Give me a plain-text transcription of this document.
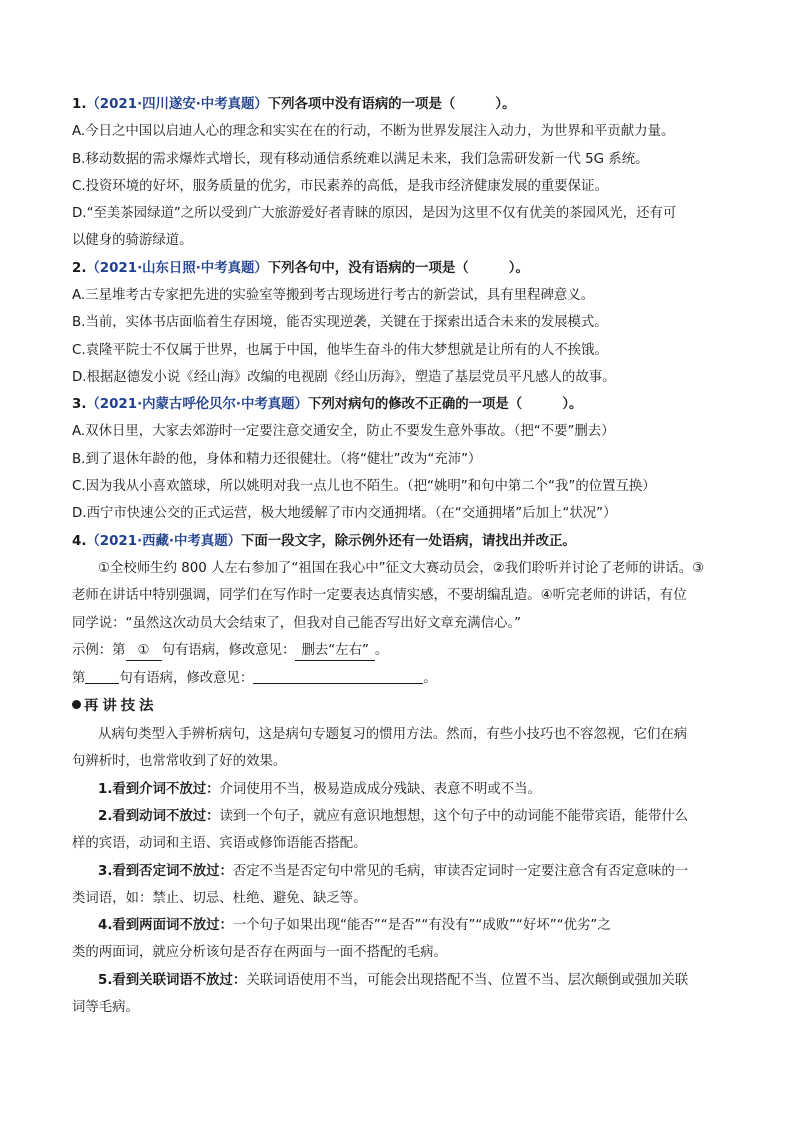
1.（2021·四川遂安·中考真题）下列各项中没有语病的一项是（　　　）。
A.今日之中国以启迪人心的理念和实实在在的行动，不断为世界发展注入动力，为世界和平贡献力量。
B.移动数据的需求爆炸式增长，现有移动通信系统难以满足未来，我们急需研发新一代 5G 系统。
C.投资环境的好坏，服务质量的优劣，市民素养的高低，是我市经济健康发展的重要保证。
D.“至美茶园绿道”之所以受到广大旅游爱好者青睐的原因，是因为这里不仅有优美的茶园风光，还有可
以健身的骑游绿道。
2.（2021·山东日照·中考真题）下列各句中，没有语病的一项是（　　　）。
A.三星堆考古专家把先进的实验室等搬到考古现场进行考古的新尝试，具有里程碑意义。
B.当前，实体书店面临着生存困境，能否实现逆袭，关键在于探索出适合未来的发展模式。
C.袁隆平院士不仅属于世界，也属于中国，他毕生奋斗的伟大梦想就是让所有的人不挨饿。
D.根据赵德发小说《经山海》改编的电视剧《经山历海》，塑造了基层党员平凡感人的故事。
3.（2021·内蒙古呼伦贝尔·中考真题）下列对病句的修改不正确的一项是（　　　）。
A.双休日里，大家去郊游时一定要注意交通安全，防止不要发生意外事故。（把“不要”删去）
B.到了退休年龄的他，身体和精力还很健壮。（将“健壮”改为“充沛”）
C.因为我从小喜欢篮球，所以姚明对我一点儿也不陌生。（把“姚明”和句中第二个“我”的位置互换）
D.西宁市快速公交的正式运营，极大地缓解了市内交通拥堵。（在“交通拥堵”后加上“状况”）
4.（2021·西藏·中考真题）下面一段文字，除示例外还有一处语病，请找出并改正。
①全校师生约 800 人左右参加了“祖国在我心中”征文大赛动员会，②我们聆听并讨论了老师的讲话。③
老师在讲话中特别强调，同学们在写作时一定要表达真情实感，不要胡编乱造。④听完老师的讲话，有位
同学说：“虽然这次动员大会结束了，但我对自己能否写出好文章充满信心。”
示例：第 ① 句有语病，修改意见： 删去“左右” 。
第	句有语病，修改意见：	。
再讲技法
从病句类型入手辨析病句，这是病句专题复习的惯用方法。然而，有些小技巧也不容忽视，它们在病
句辨析时，也常常收到了好的效果。
1.看到介词不放过：介词使用不当，极易造成成分残缺、表意不明或不当。
2.看到动词不放过：读到一个句子，就应有意识地想想，这个句子中的动词能不能带宾语，能带什么
样的宾语，动词和主语、宾语或修饰语能否搭配。
3.看到否定词不放过：否定不当是否定句中常见的毛病，审读否定词时一定要注意含有否定意味的一
类词语，如：禁止、切忌、杜绝、避免、缺乏等。
4.看到两面词不放过：一个句子如果出现“能否”“是否”“有没有”“成败”“好坏”“优劣”之
类的两面词，就应分析该句是否存在两面与一面不搭配的毛病。
5.看到关联词语不放过：关联词语使用不当，可能会出现搭配不当、位置不当、层次颠倒或强加关联
词等毛病。
